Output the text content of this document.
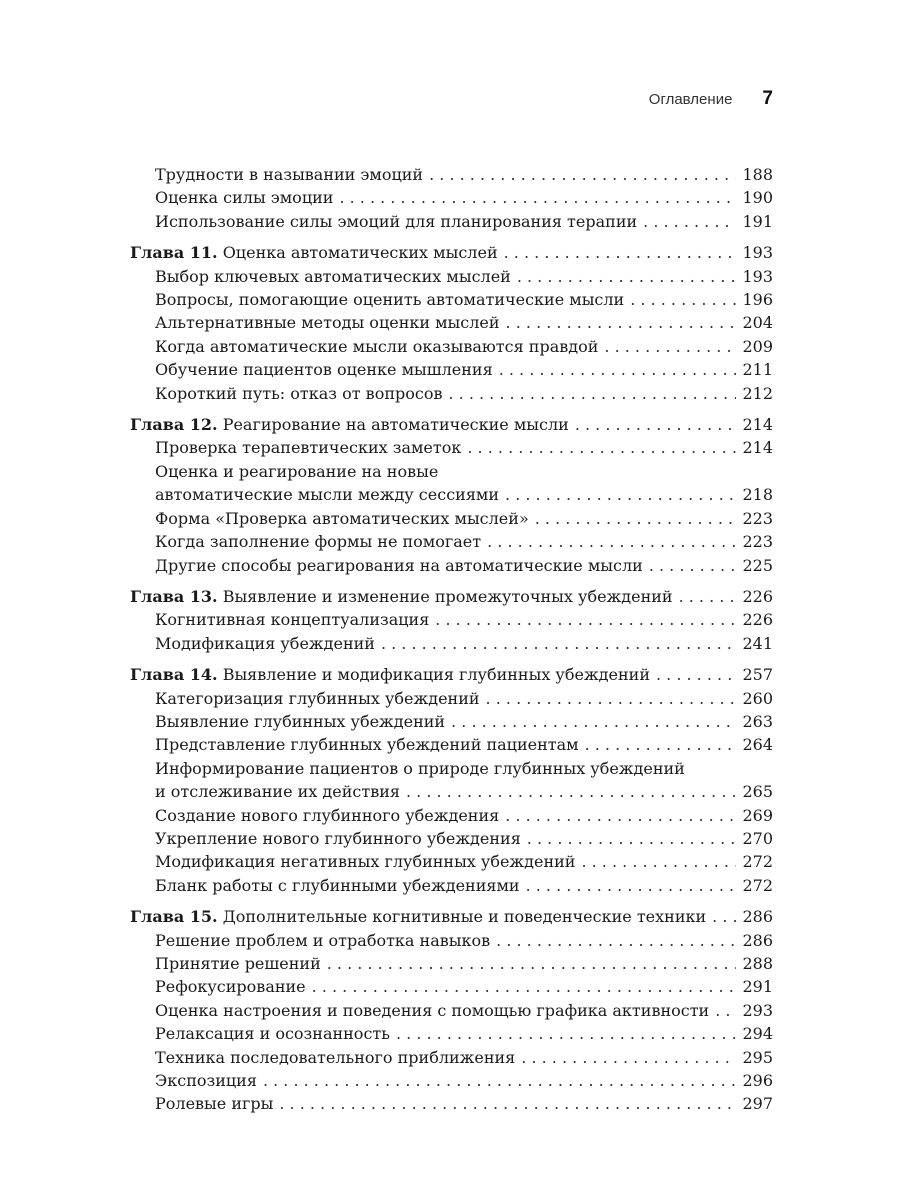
Оглавление 7
Трудности в назывании эмоций . . .	188
Оценка силы эмоции . . .	190
Использование силы эмоций для планирования терапии . . .	191
Глава 11. Оценка автоматических мыслей . . .	193
Выбор ключевых автоматических мыслей . . .	193
Вопросы, помогающие оценить автоматические мысли . . .	196
Альтернативные методы оценки мыслей . . .	204
Когда автоматические мысли оказываются правдой . . .	209
Обучение пациентов оценке мышления . . .	211
Короткий путь: отказ от вопросов . . .	212
Глава 12. Реагирование на автоматические мысли . . .	214
Проверка терапевтических заметок . . .	214
Оценка и реагирование на новые
автоматические мысли между сессиями . . .	218
Форма «Проверка автоматических мыслей» . . .	223
Когда заполнение формы не помогает . . .	223
Другие способы реагирования на автоматические мысли . . .	225
Глава 13. Выявление и изменение промежуточных убеждений . . .	226
Когнитивная концептуализация . . .	226
Модификация убеждений . . .	241
Глава 14. Выявление и модификация глубинных убеждений . . .	257
Категоризация глубинных убеждений . . .	260
Выявление глубинных убеждений . . .	263
Представление глубинных убеждений пациентам . . .	264
Информирование пациентов о природе глубинных убеждений
и отслеживание их действия . . .	265
Создание нового глубинного убеждения . . .	269
Укрепление нового глубинного убеждения . . .	270
Модификация негативных глубинных убеждений . . .	272
Бланк работы с глубинными убеждениями . . .	272
Глава 15. Дополнительные когнитивные и поведенческие техники . . . 286
Решение проблем и отработка навыков . . .	286
Принятие решений . . .	288
Рефокусирование . . .	291
Оценка настроения и поведения с помощью графика активности . . . 293
Релаксация и осознанность . . .	294
Техника последовательного приближения . . .	295
Экспозиция . . .	296
Ролевые игры . . .	297
